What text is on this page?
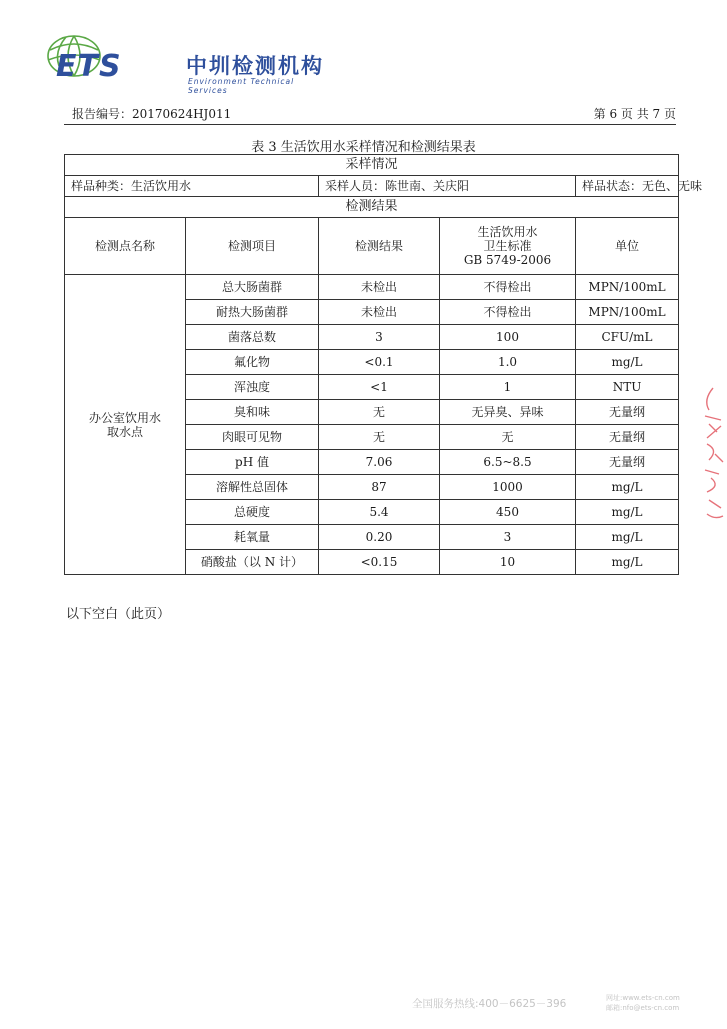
ETS	中圳检测机构
Environment Technical Services
报告编号：20170624HJ011	第 6 页 共 7 页
表 3 生活饮用水采样情况和检测结果表
采样情况				
样品种类：生活饮用水		采样人员：陈世南、关庆阳		样品状态：无色、无味
检测结果				
检测点名称	检测项目	检测结果	生活饮用水
卫生标准
GB 5749-2006	单位

办公室饮用水
取水点	总大肠菌群	未检出	不得检出	MPN/100mL
	耐热大肠菌群	未检出	不得检出	MPN/100mL
	菌落总数	3	100	CFU/mL
	氟化物	<0.1	1.0	mg/L
	浑浊度	<1	1	NTU
	臭和味	无	无异臭、异味	无量纲
	肉眼可见物	无	无	无量纲
	pH 值	7.06	6.5~8.5	无量纲
	溶解性总固体	87	1000	mg/L
	总硬度	5.4	450	mg/L
	耗氧量	0.20	3	mg/L
	硝酸盐（以 N 计）	<0.15	10	mg/L
以下空白（此页）
全国服务热线:400－6625－396	网址:www.ets-cn.com
邮箱:nfo@ets-cn.com
